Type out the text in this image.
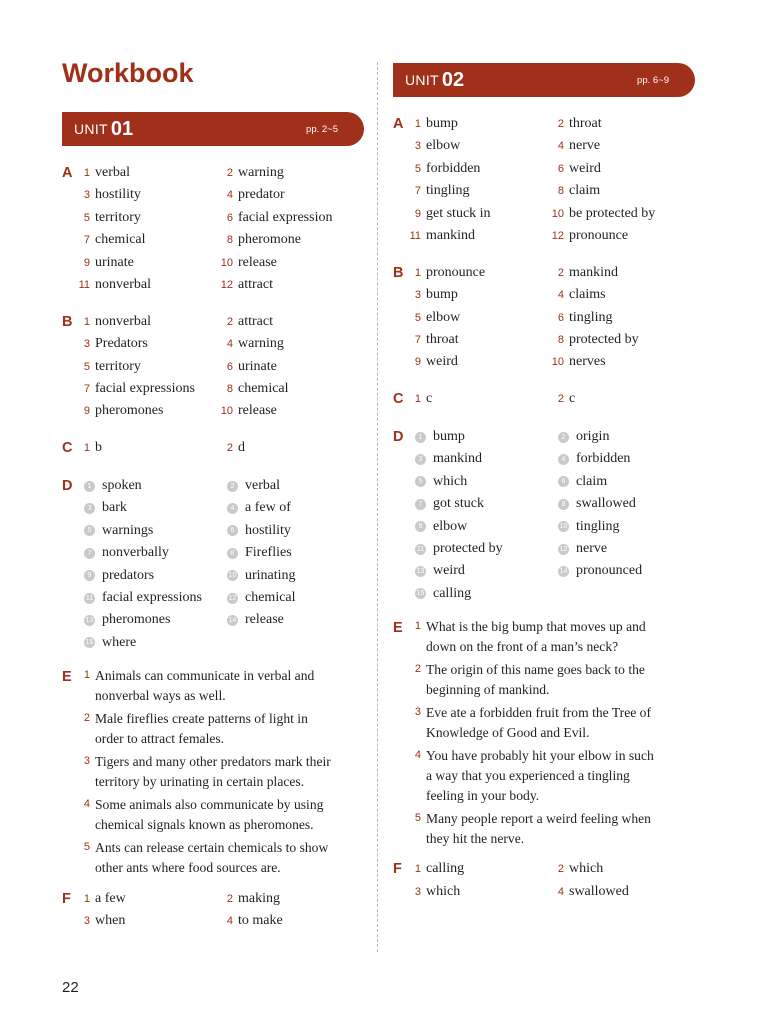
Workbook
22
UNIT 01	pp. 2~5
A	1 verbal	2 warning
3 hostility	4 predator
5 territory	6 facial expression
7 chemical	8 pheromone
9 urinate	10 release
11 nonverbal	12 attract
B	1 nonverbal	2 attract
3 Predators	4 warning
5 territory	6 urinate
7 facial expressions	8 chemical
9 pheromones	10 release
C	1 b	2 d
D	1 spoken	2 verbal
3 bark	4 a few of
5 warnings	6 hostility
7 nonverbally	8 Fireflies
9 predators	10 urinating
11 facial expressions	12 chemical
13 pheromones	14 release
15 where
E	1 Animals can communicate in verbal and nonverbal ways as well.
2 Male fireflies create patterns of light in order to attract females.
3 Tigers and many other predators mark their territory by urinating in certain places.
4 Some animals also communicate by using chemical signals known as pheromones.
5 Ants can release certain chemicals to show other ants where food sources are.
F	1 a few	2 making
3 when	4 to make
UNIT 02	pp. 6~9
A	1 bump	2 throat
3 elbow	4 nerve
5 forbidden	6 weird
7 tingling	8 claim
9 get stuck in	10 be protected by
11 mankind	12 pronounce
B	1 pronounce	2 mankind
3 bump	4 claims
5 elbow	6 tingling
7 throat	8 protected by
9 weird	10 nerves
C	1 c	2 c
D	1 bump	2 origin
3 mankind	4 forbidden
5 which	6 claim
7 got stuck	8 swallowed
9 elbow	10 tingling
11 protected by	12 nerve
13 weird	14 pronounced
15 calling
E	1 What is the big bump that moves up and down on the front of a man’s neck?
2 The origin of this name goes back to the beginning of mankind.
3 Eve ate a forbidden fruit from the Tree of Knowledge of Good and Evil.
4 You have probably hit your elbow in such a way that you experienced a tingling feeling in your body.
5 Many people report a weird feeling when they hit the nerve.
F	1 calling	2 which
3 which	4 swallowed
